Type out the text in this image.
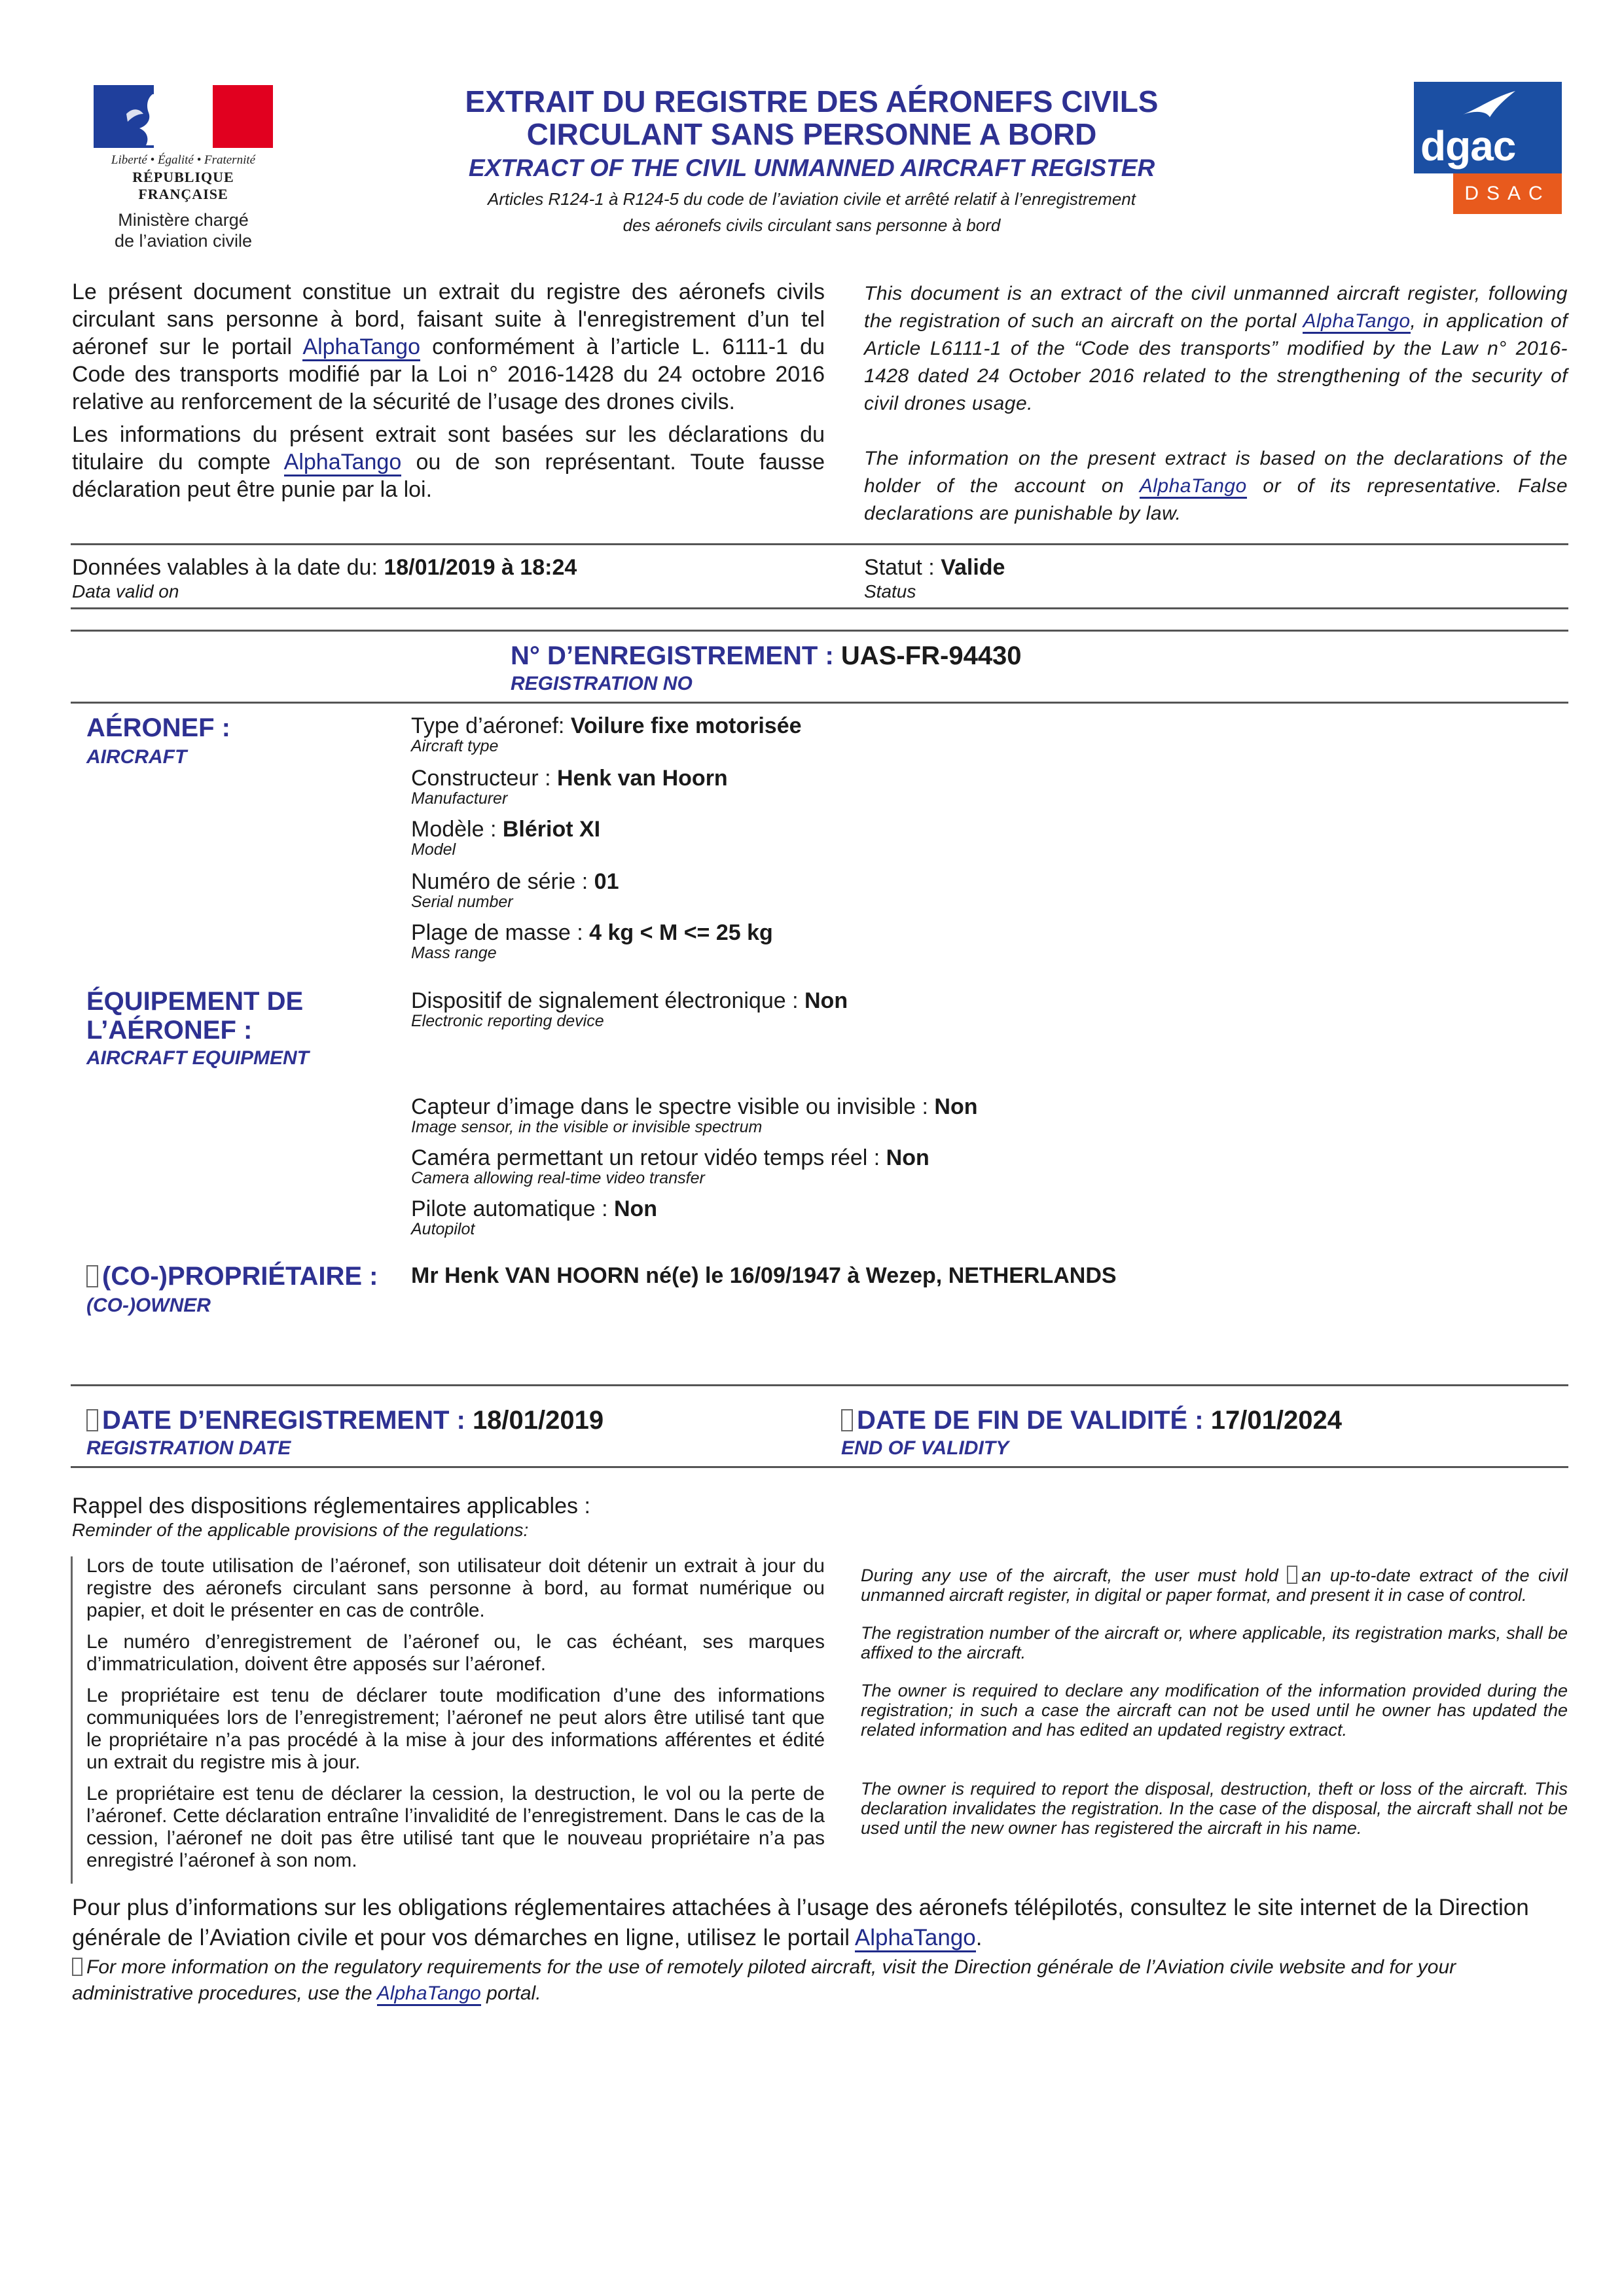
Liberté • Égalité • Fraternité
RÉPUBLIQUE FRANÇAISE
Ministère chargé
de l’aviation civile
EXTRAIT DU REGISTRE DES AÉRONEFS CIVILS
CIRCULANT SANS PERSONNE A BORD
EXTRACT OF THE CIVIL UNMANNED AIRCRAFT REGISTER
Articles R124-1 à R124-5 du code de l’aviation civile et arrêté relatif à l’enregistrement
des aéronefs civils circulant sans personne à bord
dgac
DSAC
Le présent document constitue un extrait du registre des aéronefs civils circulant sans personne à bord, faisant suite à l'enregistrement d’un tel aéronef sur le portail AlphaTango conformément à l’article L. 6111-1 du Code des transports modifié par la Loi n° 2016-1428 du 24 octobre 2016 relative au renforcement de la sécurité de l’usage des drones civils.
Les informations du présent extrait sont basées sur les déclarations du titulaire du compte AlphaTango ou de son représentant. Toute fausse déclaration peut être punie par la loi.
This document is an extract of the civil unmanned aircraft register, following the registration of such an aircraft on the portal AlphaTango, in application of Article L6111-1 of the “Code des transports” modified by the Law n° 2016-1428 dated 24 October 2016 related to the strengthening of the security of civil drones usage.
The information on the present extract is based on the declarations of the holder of the account on AlphaTango or of its representative. False declarations are punishable by law.
Données valables à la date du: 18/01/2019 à 18:24
Data valid on
Statut : Valide
Status
N° D’ENREGISTREMENT : UAS-FR-94430
REGISTRATION NO
AÉRONEF :
AIRCRAFT
Type d’aéronef: Voilure fixe motorisée
Aircraft type
Constructeur : Henk van Hoorn
Manufacturer
Modèle : Blériot XI
Model
Numéro de série : 01
Serial number
Plage de masse : 4 kg < M <= 25 kg
Mass range
ÉQUIPEMENT DE
L’AÉRONEF :
AIRCRAFT EQUIPMENT
Dispositif de signalement électronique : Non
Electronic reporting device
Capteur d’image dans le spectre visible ou invisible : Non
Image sensor, in the visible or invisible spectrum
Caméra permettant un retour vidéo temps réel : Non
Camera allowing real-time video transfer
Pilote automatique : Non
Autopilot
(CO-)PROPRIÉTAIRE :
(CO-)OWNER
Mr Henk VAN HOORN né(e) le 16/09/1947 à Wezep, NETHERLANDS
DATE D’ENREGISTREMENT : 18/01/2019
REGISTRATION DATE
DATE DE FIN DE VALIDITÉ : 17/01/2024
END OF VALIDITY
Rappel des dispositions réglementaires applicables :
Reminder of the applicable provisions of the regulations:
Lors de toute utilisation de l’aéronef, son utilisateur doit détenir un extrait à jour du registre des aéronefs circulant sans personne à bord, au format numérique ou papier, et doit le présenter en cas de contrôle.
Le numéro d’enregistrement de l’aéronef ou, le cas échéant, ses marques d’immatriculation, doivent être apposés sur l’aéronef.
Le propriétaire est tenu de déclarer toute modification d’une des informations communiquées lors de l’enregistrement; l’aéronef ne peut alors être utilisé tant que le propriétaire n’a pas procédé à la mise à jour des informations afférentes et édité un extrait du registre mis à jour.
Le propriétaire est tenu de déclarer la cession, la destruction, le vol ou la perte de l’aéronef. Cette déclaration entraîne l’invalidité de l’enregistrement. Dans le cas de la cession, l’aéronef ne doit pas être utilisé tant que le nouveau propriétaire n’a pas enregistré l’aéronef à son nom.
During any use of the aircraft, the user must hold an up-to-date extract of the civil unmanned aircraft register, in digital or paper format, and present it in case of control.
The registration number of the aircraft or, where applicable, its registration marks, shall be affixed to the aircraft.
The owner is required to declare any modification of the information provided during the registration; in such a case the aircraft can not be used until he owner has updated the related information and has edited an updated registry extract.
The owner is required to report the disposal, destruction, theft or loss of the aircraft. This declaration invalidates the registration. In the case of the disposal, the aircraft shall not be used until the new owner has registered the aircraft in his name.
Pour plus d’informations sur les obligations réglementaires attachées à l’usage des aéronefs télépilotés, consultez le site internet de la Direction générale de l’Aviation civile et pour vos démarches en ligne, utilisez le portail AlphaTango.
For more information on the regulatory requirements for the use of remotely piloted aircraft, visit the Direction générale de l’Aviation civile website and for your administrative procedures, use the AlphaTango portal.
